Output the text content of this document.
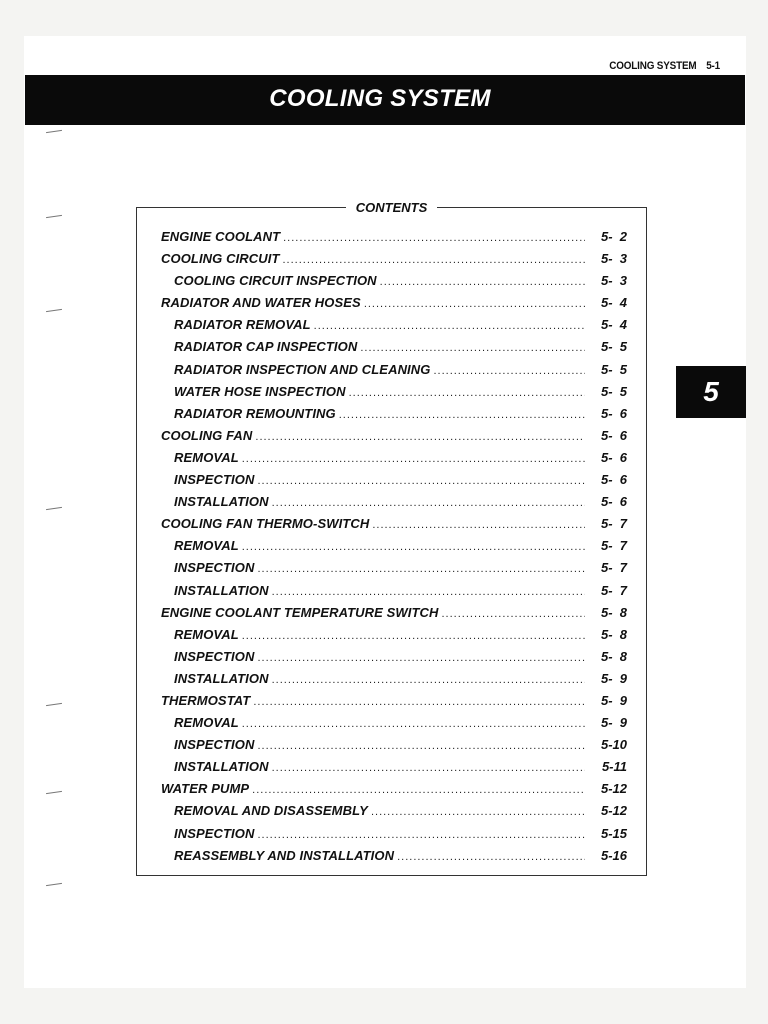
COOLING SYSTEM 5-1
COOLING SYSTEM
5
CONTENTS
ENGINE COOLANT .....	5-  2
COOLING CIRCUIT .....	5-  3
COOLING CIRCUIT INSPECTION .....	5-  3
RADIATOR AND WATER HOSES .....	5-  4
RADIATOR REMOVAL .....	5-  4
RADIATOR CAP INSPECTION .....	5-  5
RADIATOR INSPECTION AND CLEANING .....	5-  5
WATER HOSE INSPECTION .....	5-  5
RADIATOR REMOUNTING .....	5-  6
COOLING FAN .....	5-  6
REMOVAL .....	5-  6
INSPECTION .....	5-  6
INSTALLATION .....	5-  6
COOLING FAN THERMO-SWITCH .....	5-  7
REMOVAL .....	5-  7
INSPECTION .....	5-  7
INSTALLATION .....	5-  7
ENGINE COOLANT TEMPERATURE SWITCH .....	5-  8
REMOVAL .....	5-  8
INSPECTION .....	5-  8
INSTALLATION .....	5-  9
THERMOSTAT .....	5-  9
REMOVAL .....	5-  9
INSPECTION .....	5-10
INSTALLATION .....	5-11
WATER PUMP .....	5-12
REMOVAL AND DISASSEMBLY .....	5-12
INSPECTION .....	5-15
REASSEMBLY AND INSTALLATION .....	5-16
